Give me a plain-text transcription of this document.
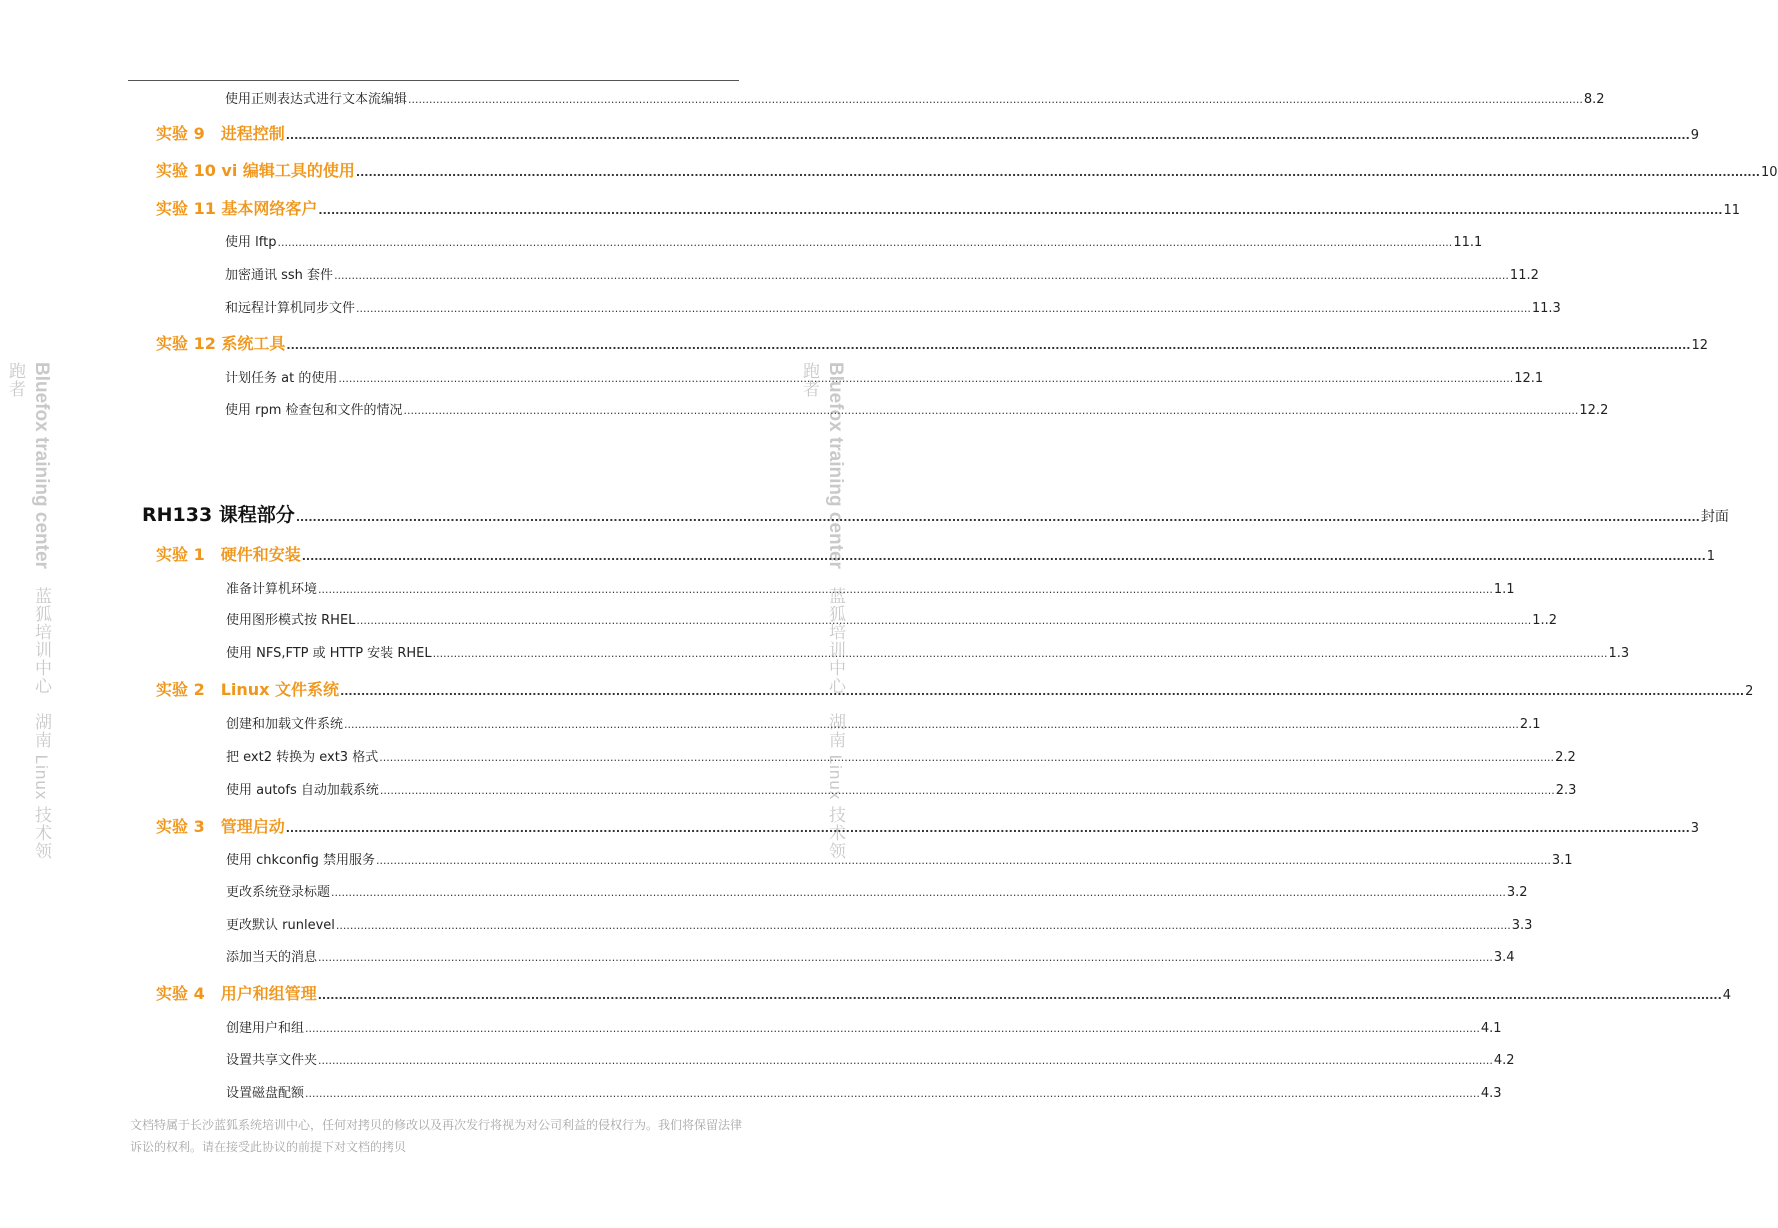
Bluefox training center蓝狐培训中心　湖南 Linux 技术领跑者	Bluefox training center蓝狐培训中心　湖南 Linux 技术领跑者
使用正则表达式进行文本流编辑 .....	8.2
实验 9　进程控制 .....	9
实验 10 vi 编辑工具的使用 .....	10
实验 11 基本网络客户 .....	11
使用 lftp .....	11.1
加密通讯 ssh 套件 .....	11.2
和远程计算机同步文件 .....	11.3
实验 12 系统工具 .....	12
计划任务 at 的使用 .....	12.1
使用 rpm 检查包和文件的情况 .....	12.2
实验 1　硬件和安装 .....	1
准备计算机环境 .....	1.1
使用图形模式按 RHEL .....	1..2
使用 NFS,FTP 或 HTTP 安装 RHEL .....	1.3
实验 2　Linux 文件系统 .....	2
创建和加载文件系统 .....	2.1
把 ext2 转换为 ext3 格式 .....	2.2
使用 autofs 自动加载系统 .....	2.3
实验 3　管理启动 .....	3
使用 chkconfig 禁用服务 .....	3.1
更改系统登录标题 .....	3.2
更改默认 runlevel .....	3.3
添加当天的消息 .....	3.4
实验 4　用户和组管理 .....	4
创建用户和组 .....	4.1
设置共享文件夹 .....	4.2
设置磁盘配额 .....	4.3
RH133 课程部分 .....	封面
文档特属于长沙蓝狐系统培训中心，任何对拷贝的修改以及再次发行将视为对公司利益的侵权行为。我们将保留法律诉讼的权利。请在接受此协议的前提下对文档的拷贝
